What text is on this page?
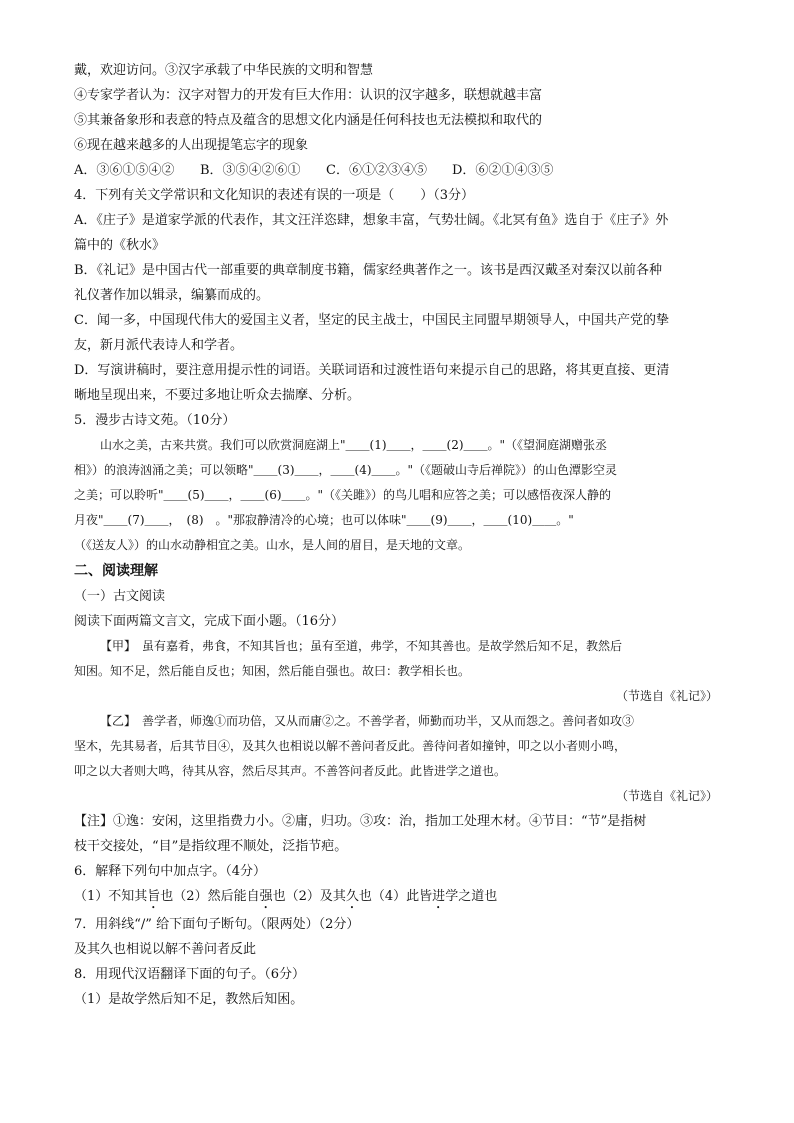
戴，欢迎访问。③汉字承载了中华民族的文明和智慧
④专家学者认为：汉字对智力的开发有巨大作用：认识的汉字越多，联想就越丰富
⑤其兼备象形和表意的特点及蕴含的思想文化内涵是任何科技也无法模拟和取代的
⑥现在越来越多的人出现提笔忘字的现象
A．③⑥①⑤④② B．③⑤④②⑥① C．⑥①②③④⑤ D．⑥②①④③⑤
4．下列有关文学常识和文化知识的表述有误的一项是（　　）（3分）
A．《庄子》是道家学派的代表作，其文汪洋恣肆，想象丰富，气势壮阔。《北冥有鱼》选自于《庄子》外
篇中的《秋水》
B．《礼记》是中国古代一部重要的典章制度书籍，儒家经典著作之一。该书是西汉戴圣对秦汉以前各种
礼仪著作加以辑录，编纂而成的。
C．闻一多，中国现代伟大的爱国主义者，坚定的民主战士，中国民主同盟早期领导人，中国共产党的挚
友，新月派代表诗人和学者。
D．写演讲稿时，要注意用提示性的词语。关联词语和过渡性语句来提示自己的思路，将其更直接、更清
晰地呈现出来，不要过多地让听众去揣摩、分析。
5．漫步古诗文苑。（10分）
山水之美，古来共赏。我们可以欣赏洞庭湖上"＿＿(1)＿＿，＿＿(2)＿＿。"（《望洞庭湖赠张丞
相》）的浪涛汹涌之美；可以领略"＿＿(3)＿＿，＿＿(4)＿＿。"（《题破山寺后禅院》）的山色潭影空灵
之美；可以聆听"＿＿(5)＿＿，＿＿(6)＿＿。"（《关雎》）的鸟儿唱和应答之美；可以感悟夜深人静的
月夜"＿＿(7)＿＿，　(8)　。"那寂静清冷的心境；也可以体味"＿＿(9)＿＿，＿＿(10)＿＿。"
（《送友人》）的山水动静相宜之美。山水，是人间的眉目，是天地的文章。
二、阅读理解
（一）古文阅读
阅读下面两篇文言文，完成下面小题。（16分）
【甲】　虽有嘉肴，弗食，不知其旨也；虽有至道，弗学，不知其善也。是故学然后知不足，教然后
知困。知不足，然后能自反也；知困，然后能自强也。故曰：教学相长也。
（节选自《礼记》）
【乙】　善学者，师逸①而功倍，又从而庸②之。不善学者，师勤而功半，又从而怨之。善问者如攻③
坚木，先其易者，后其节目④，及其久也相说以解不善问者反此。善待问者如撞钟，叩之以小者则小鸣，
叩之以大者则大鸣，待其从容，然后尽其声。不善答问者反此。此皆进学之道也。
（节选自《礼记》）
【注】①逸：安闲，这里指费力小。②庸，归功。③攻：治，指加工处理木材。④节目：“节”是指树
枝干交接处，“目”是指纹理不顺处，泛指节疤。
6．解释下列句中加点字。（4分）
（1）不知其旨也（2）然后能自强也（2）及其久也（4）此皆进学之道也
7．用斜线“/” 给下面句子断句。（限两处）（2分）
及其久也相说以解不善问者反此
8．用现代汉语翻译下面的句子。（6分）
（1）是故学然后知不足，教然后知困。
